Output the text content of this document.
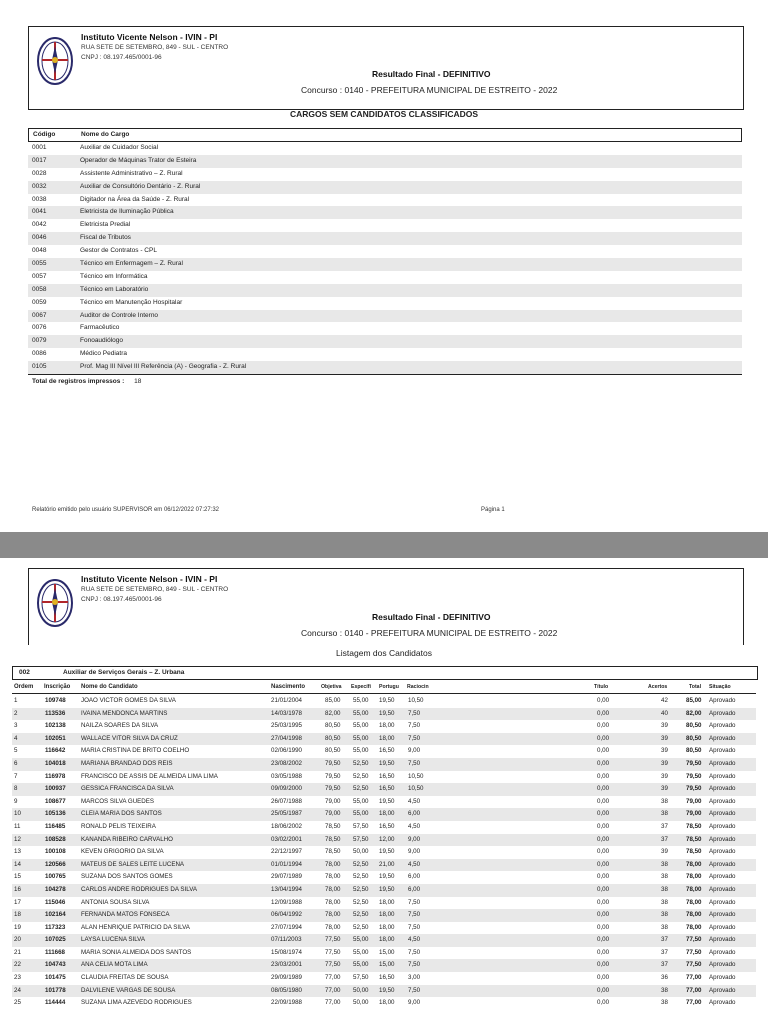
Instituto Vicente Nelson - IVIN - PI
RUA SETE DE SETEMBRO, 849 - SUL - CENTRO
CNPJ : 08.197.465/0001-96
Resultado Final - DEFINITIVO
Concurso : 0140 - PREFEITURA MUNICIPAL DE ESTREITO - 2022
CARGOS SEM CANDIDATOS CLASSIFICADOS
Código	Nome do Cargo
0001	Auxiliar de Cuidador Social
0017	Operador de Máquinas Trator de Esteira
0028	Assistente Administrativo – Z. Rural
0032	Auxiliar de Consultório Dentário - Z. Rural
0038	Digitador na Área da Saúde - Z. Rural
0041	Eletricista de Iluminação Pública
0042	Eletricista Predial
0046	Fiscal de Tributos
0048	Gestor de Contratos - CPL
0055	Técnico em Enfermagem – Z. Rural
0057	Técnico em Informática
0058	Técnico em Laboratório
0059	Técnico em Manutenção Hospitalar
0067	Auditor de Controle Interno
0076	Farmacêutico
0079	Fonoaudiólogo
0086	Médico Pediatra
0105	Prof. Mag III Nível III Referência (A) - Geografia - Z. Rural
Total de registros impressos : 18
Relatório emitido pelo usuário SUPERVISOR em 06/12/2022 07:27:32	Página 1
Instituto Vicente Nelson - IVIN - PI
RUA SETE DE SETEMBRO, 849 - SUL - CENTRO
CNPJ : 08.197.465/0001-96
Resultado Final - DEFINITIVO
Concurso : 0140 - PREFEITURA MUNICIPAL DE ESTREITO - 2022
Listagem dos Candidatos
002	Auxiliar de Serviços Gerais – Z. Urbana
Ordem Inscrição Nome do Candidato	Nascimento	Objetiva Específi Portugu Raciocin	Título	Acertos	Total Situação
1	109748 JOAO VICTOR GOMES DA SILVA	21/01/2004	85,00 55,00 19,50 10,50	0,00	42	85,00 Aprovado
2	113536	IVAINA MENDONCA MARTINS	14/03/1978	82,00 55,00 19,50 7,50	0,00	40	82,00 Aprovado
3	102138 NAILZA SOARES DA SILVA	25/03/1995	80,50 55,00 18,00 7,50	0,00	39	80,50 Aprovado
4	102051 WALLACE VITOR SILVA DA CRUZ	27/04/1998	80,50 55,00 18,00 7,50	0,00	39	80,50 Aprovado
5	116642	MARIA CRISTINA DE BRITO COELHO	02/06/1990	80,50 55,00 16,50 9,00	0,00	39	80,50 Aprovado
6	104018 MARIANA BRANDAO DOS REIS	23/08/2002	79,50 52,50 19,50 7,50	0,00	39	79,50 Aprovado
7	116978	FRANCISCO DE ASSIS DE ALMEIDA LIMA LIMA	03/05/1988	79,50 52,50 16,50 10,50	0,00	39	79,50 Aprovado
8	100937 GESSICA FRANCISCA DA SILVA	09/09/2000	79,50 52,50 16,50 10,50	0,00	39	79,50 Aprovado
9	108677 MARCOS SILVA GUEDES	26/07/1988	79,00 55,00 19,50 4,50	0,00	38	79,00 Aprovado
10	105136 CLEIA MARIA DOS SANTOS	25/05/1987	79,00 55,00 18,00 6,00	0,00	38	79,00 Aprovado
11	116485	RONALD PELIS TEIXEIRA	18/06/2002	78,50 57,50 16,50 4,50	0,00	37	78,50 Aprovado
12	108528 KANANDA RIBEIRO CARVALHO	03/02/2001	78,50 57,50 12,00 9,00	0,00	37	78,50 Aprovado
13	100108 KEVEN GRIGORIO DA SILVA	22/12/1997	78,50 50,00 19,50 9,00	0,00	39	78,50 Aprovado
14	120566 MATEUS DE SALES LEITE LUCENA	01/01/1994	78,00 52,50 21,00 4,50	0,00	38	78,00 Aprovado
15	100765 SUZANA DOS SANTOS GOMES	29/07/1989	78,00 52,50 19,50 6,00	0,00	38	78,00 Aprovado
16	104278 CARLOS ANDRE RODRIGUES DA SILVA	13/04/1994	78,00 52,50 19,50 6,00	0,00	38	78,00 Aprovado
17	115046	ANTONIA SOUSA SILVA	12/09/1988	78,00 52,50 18,00 7,50	0,00	38	78,00 Aprovado
18	102164 FERNANDA MATOS FONSECA	06/04/1992	78,00 52,50 18,00 7,50	0,00	38	78,00 Aprovado
19	117323	ALAN HENRIQUE PATRICIO DA SILVA	27/07/1994	78,00 52,50 18,00 7,50	0,00	38	78,00 Aprovado
20	107025 LAYSA LUCENA SILVA	07/11/2003	77,50 55,00 18,00 4,50	0,00	37	77,50 Aprovado
21	111668	MARIA SONIA ALMEIDA DOS SANTOS	15/08/1974	77,50 55,00 15,00 7,50	0,00	37	77,50 Aprovado
22	104743 ANA CELIA MOTA LIMA	23/03/2001	77,50 55,00 15,00 7,50	0,00	37	77,50 Aprovado
23	101475 CLAUDIA FREITAS DE SOUSA	29/09/1989	77,00 57,50 16,50 3,00	0,00	36	77,00 Aprovado
24	101778 DALVILENE VARGAS DE SOUSA	08/05/1980	77,00 50,00 19,50 7,50	0,00	38	77,00 Aprovado
25	114444	SUZANA LIMA AZEVEDO RODRIGUES	22/09/1988	77,00 50,00 18,00 9,00	0,00	38	77,00 Aprovado
